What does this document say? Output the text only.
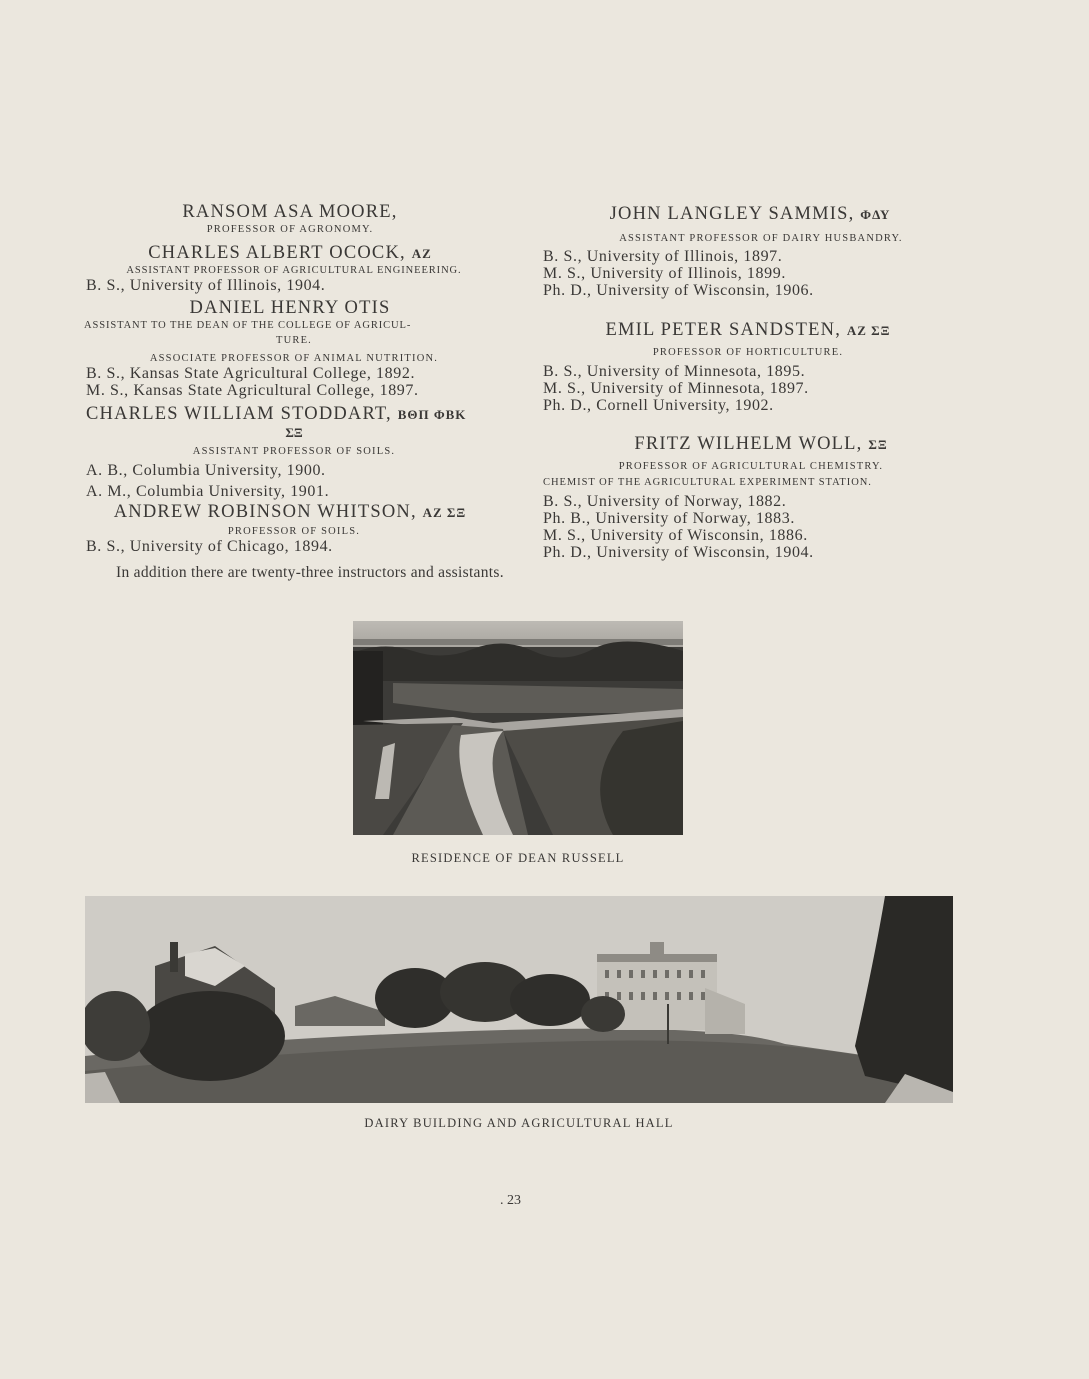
RANSOM ASA MOORE,
PROFESSOR OF AGRONOMY.
CHARLES ALBERT OCOCK, ΑΖ
ASSISTANT PROFESSOR OF AGRICULTURAL ENGINEERING.
B. S., University of Illinois, 1904.
DANIEL HENRY OTIS
ASSISTANT TO THE DEAN OF THE COLLEGE OF AGRICUL-
TURE.
ASSOCIATE PROFESSOR OF ANIMAL NUTRITION.
B. S., Kansas State Agricultural College, 1892.
M. S., Kansas State Agricultural College, 1897.
CHARLES WILLIAM STODDART, ΒΘΠ ΦΒΚ
ΣΞ
ASSISTANT PROFESSOR OF SOILS.
A. B., Columbia University, 1900.
A. M., Columbia University, 1901.
ANDREW ROBINSON WHITSON, ΑΖ ΣΞ
PROFESSOR OF SOILS.
B. S., University of Chicago, 1894.
JOHN LANGLEY SAMMIS, ΦΔΥ
ASSISTANT PROFESSOR OF DAIRY HUSBANDRY.
B. S., University of Illinois, 1897.
M. S., University of Illinois, 1899.
Ph. D., University of Wisconsin, 1906.
EMIL PETER SANDSTEN, ΑΖ ΣΞ
PROFESSOR OF HORTICULTURE.
B. S., University of Minnesota, 1895.
M. S., University of Minnesota, 1897.
Ph. D., Cornell University, 1902.
FRITZ WILHELM WOLL, ΣΞ
PROFESSOR OF AGRICULTURAL CHEMISTRY.
CHEMIST OF THE AGRICULTURAL EXPERIMENT STATION.
B. S., University of Norway, 1882.
Ph. B., University of Norway, 1883.
M. S., University of Wisconsin, 1886.
Ph. D., University of Wisconsin, 1904.
In addition there are twenty-three instructors and assistants.
RESIDENCE OF DEAN RUSSELL
DAIRY BUILDING AND AGRICULTURAL HALL
. 23
